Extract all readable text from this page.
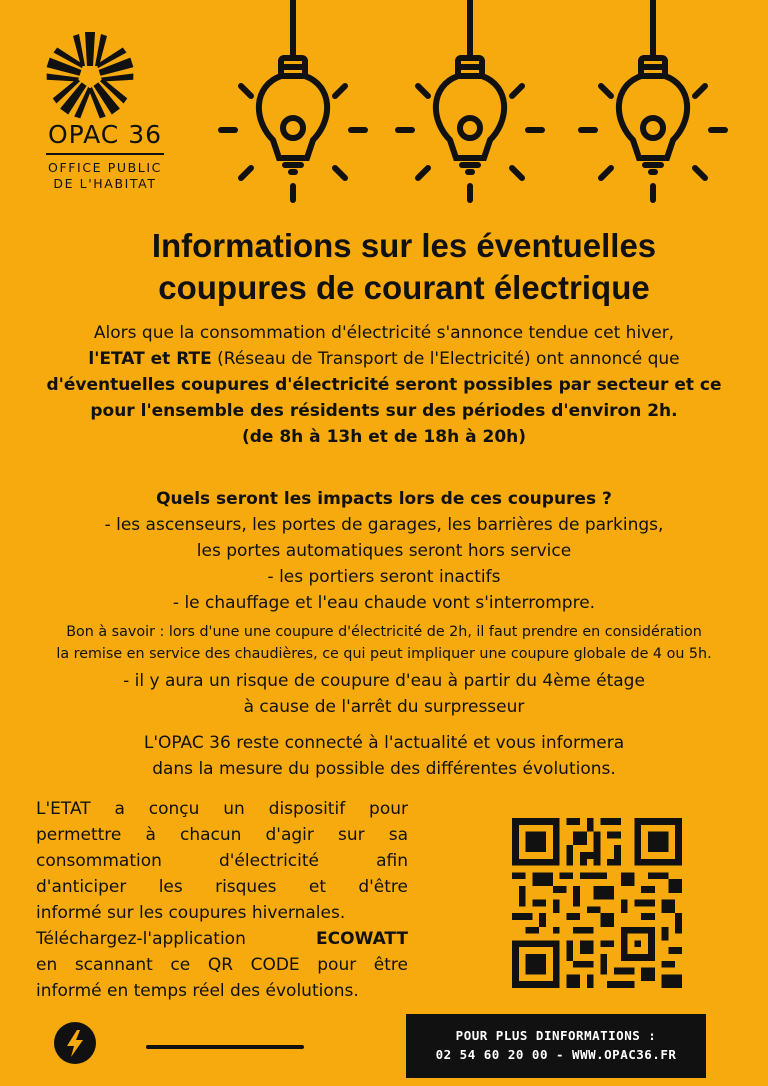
OPAC 36
OFFICE PUBLIC
DE L'HABITAT
Informations sur les éventuelles
coupures de courant électrique
Alors que la consommation d'électricité s'annonce tendue cet hiver,
l'ETAT et RTE (Réseau de Transport de l'Electricité) ont annoncé que
d'éventuelles coupures d'électricité seront possibles par secteur et ce
pour l'ensemble des résidents sur des périodes d'environ 2h.
(de 8h à 13h et de 18h à 20h)
Quels seront les impacts lors de ces coupures ?
- les ascenseurs, les portes de garages, les barrières de parkings,
les portes automatiques seront hors service
- les portiers seront inactifs
- le chauffage et l'eau chaude vont s'interrompre.
Bon à savoir : lors d'une une coupure d'électricité de 2h, il faut prendre en considération
la remise en service des chaudières, ce qui peut impliquer une coupure globale de 4 ou 5h.
- il y aura un risque de coupure d'eau à partir du 4ème étage
à cause de l'arrêt du surpresseur
L'OPAC 36 reste connecté à l'actualité et vous informera
dans la mesure du possible des différentes évolutions.
L'ETAT a conçu un dispositif pour
permettre à chacun d'agir sur sa
consommation d'électricité afin
d'anticiper les risques et d'être
informé sur les coupures hivernales.
Téléchargez-l'application	ECOWATT
en scannant ce QR CODE pour être
informé en temps réel des évolutions.
POUR PLUS DINFORMATIONS :
02 54 60 20 00 - WWW.OPAC36.FR
